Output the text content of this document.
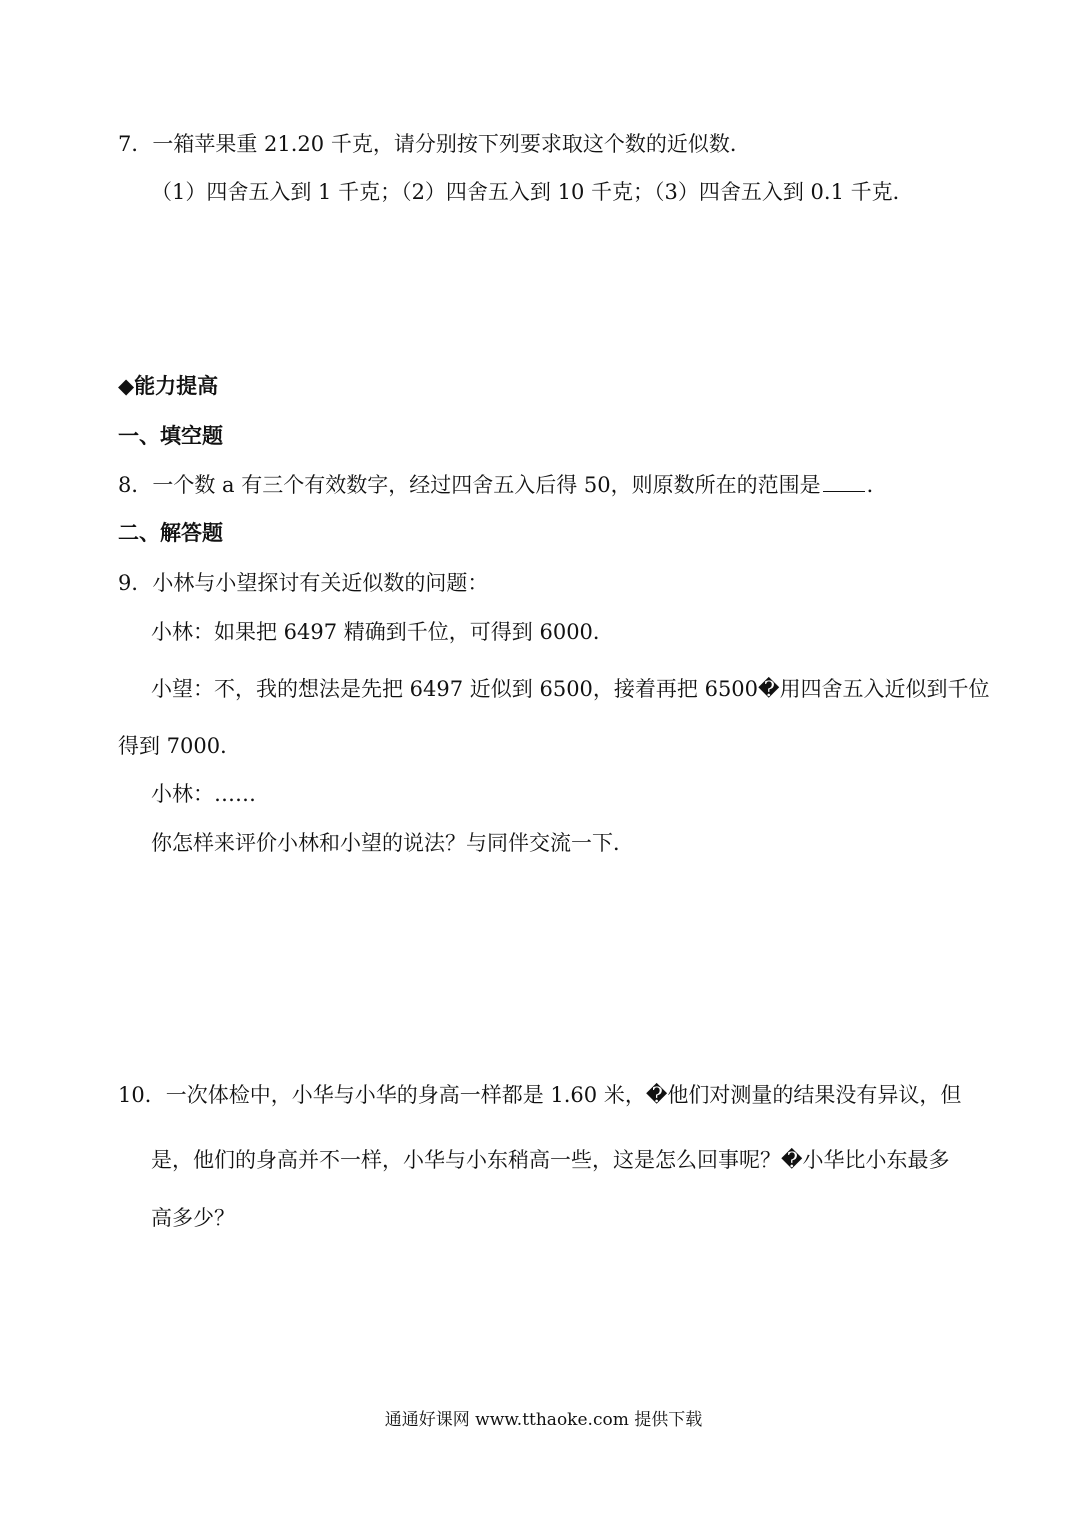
7．一箱苹果重 21.20 千克，请分别按下列要求取这个数的近似数．
（1）四舍五入到 1 千克；（2）四舍五入到 10 千克；（3）四舍五入到 0.1 千克．
◆能力提高
一、填空题
8．一个数 a 有三个有效数字，经过四舍五入后得 50，则原数所在的范围是 ．
二、解答题
9．小林与小望探讨有关近似数的问题：
小林：如果把 6497 精确到千位，可得到 6000．
小望：不，我的想法是先把 6497 近似到 6500，接着再把 6500�用四舍五入近似到千位
得到 7000．
小林：……
你怎样来评价小林和小望的说法？与同伴交流一下．
10．一次体检中，小华与小华的身高一样都是 1.60 米，�他们对测量的结果没有异议，但
是，他们的身高并不一样，小华与小东稍高一些，这是怎么回事呢？�小华比小东最多
高多少？
通通好课网 www.tthaoke.com 提供下载
